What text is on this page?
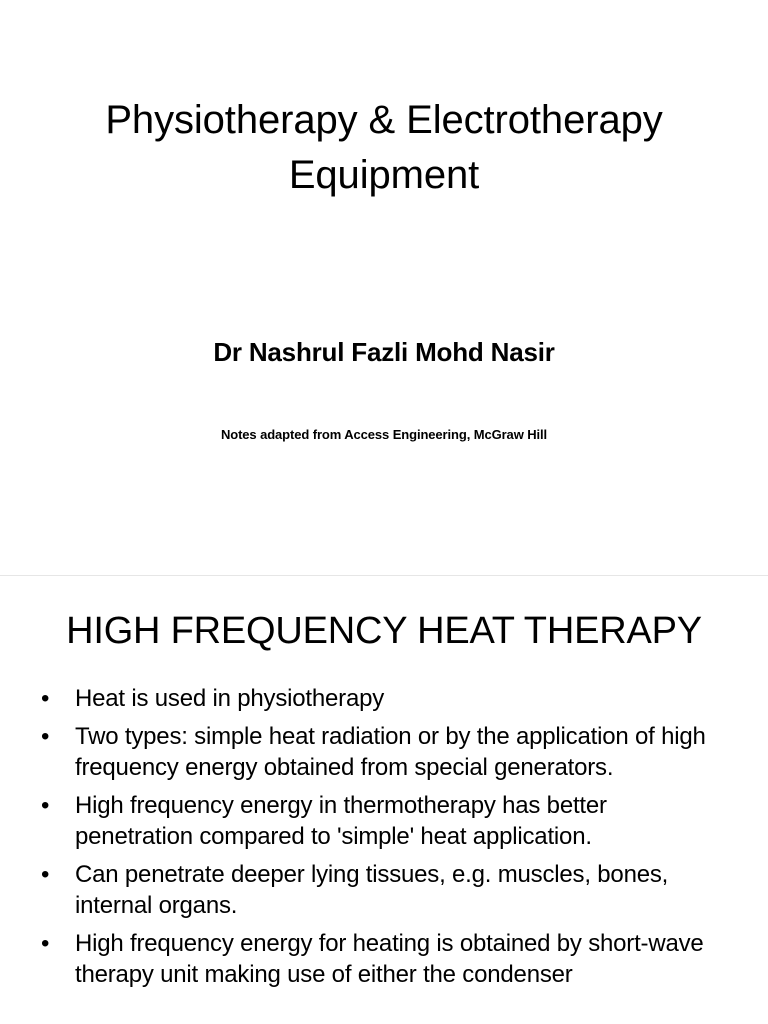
Physiotherapy & Electrotherapy
Equipment
Dr Nashrul Fazli Mohd Nasir
Notes adapted from Access Engineering, McGraw Hill
HIGH FREQUENCY HEAT THERAPY
•	Heat is used in physiotherapy
•	Two types: simple heat radiation or by the application of high frequency energy obtained from special generators.
•	High frequency energy in thermotherapy has better penetration compared to 'simple' heat application.
•	Can penetrate deeper lying tissues, e.g. muscles, bones, internal organs.
•	High frequency energy for heating is obtained by short-wave therapy unit making use of either the condenser
